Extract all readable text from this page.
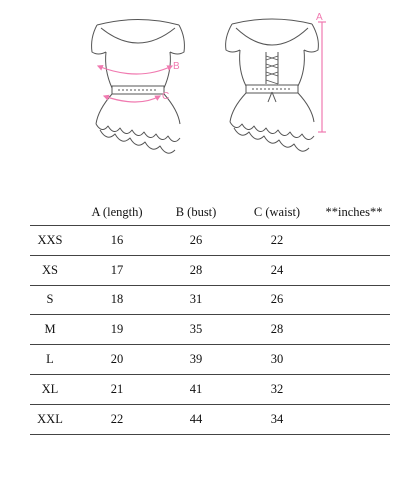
B
C
A
	A (length)	B (bust)	C (waist)	**inches**
XXS	16	26	22	
XS	17	28	24	
S	18	31	26	
M	19	35	28	
L	20	39	30	
XL	21	41	32	
XXL	22	44	34	
